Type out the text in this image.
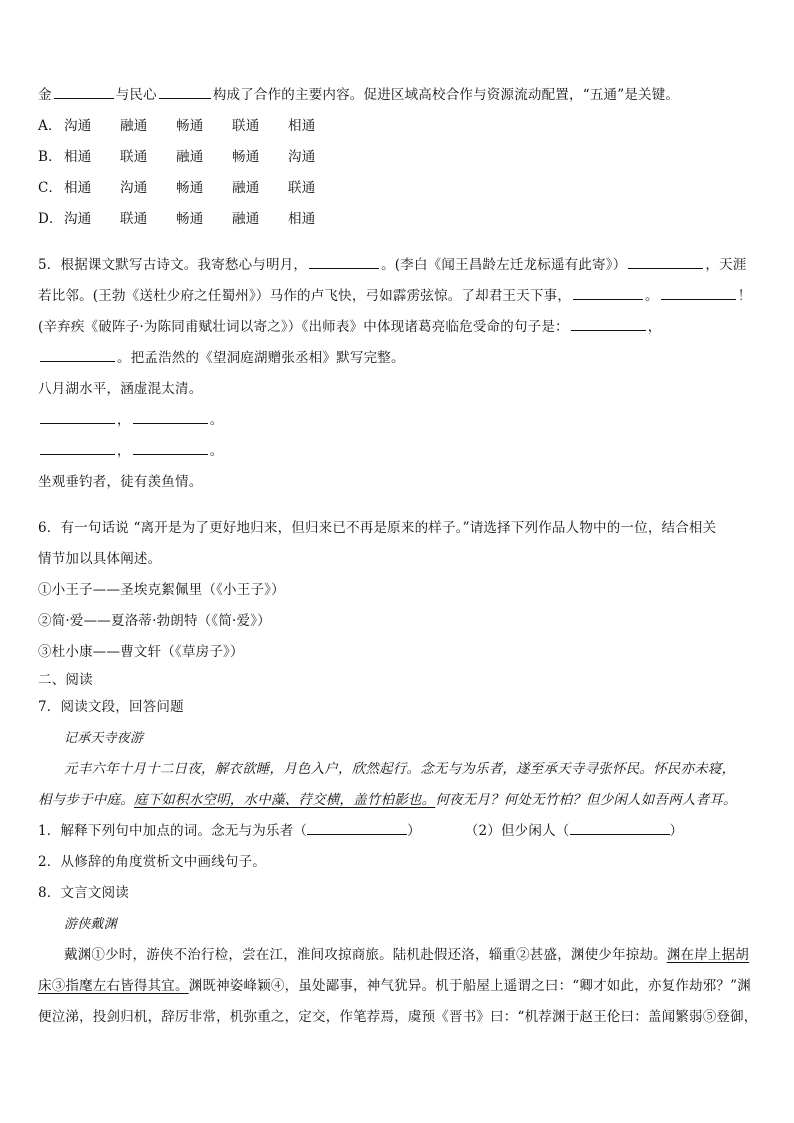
金	与民心	构成了合作的主要内容。促进区域高校合作与资源流动配置，“五通”是关键。
A． 沟通 融通 畅通 联通 相通
B． 相通 联通 融通 畅通 沟通
C． 相通 沟通 畅通 融通 联通
D．沟通 联通 畅通 融通 相通
5．根据课文默写古诗文。我寄愁心与明月，	。(李白《闻王昌龄左迁龙标遥有此寄》）	，天涯
若比邻。(王勃《送杜少府之任蜀州》）马作的卢飞快，弓如霹雳弦惊。了却君王天下事，	。	！
(辛弃疾《破阵子·为陈同甫赋壮词以寄之》）《出师表》中体现诸葛亮临危受命的句子是：	，
。把孟浩然的《望洞庭湖赠张丞相》默写完整。
八月湖水平，涵虚混太清。
，	。
，	。
坐观垂钓者，徒有羡鱼情。
6．有一句话说 “离开是为了更好地归来，但归来已不再是原来的样子。”请选择下列作品人物中的一位，结合相关
情节加以具体阐述。
①小王子——圣埃克絮佩里（《小王子》）
②简·爱——夏洛蒂·勃朗特（《简·爱》）
③杜小康——曹文轩（《草房子》）
二、阅读
7．阅读文段，回答问题
记承天寺夜游
元丰六年十月十二日夜，解衣欲睡，月色入户，欣然起行。念无与为乐者，遂至承天寺寻张怀民。怀民亦未寝，
相与步于中庭。庭下如积水空明，水中藻、荇交横，盖竹柏影也。何夜无月？何处无竹柏？但少闲人如吾两人者耳。
1．解释下列句中加点的词。念无与为乐者（	）	（2）但少闲人（	）
2．从修辞的角度赏析文中画线句子。
8．文言文阅读
游侠戴渊
戴渊①少时，游侠不治行检，尝在江，淮间攻掠商旅。陆机赴假还洛，辎重②甚盛，渊使少年掠劫。渊在岸上据胡
床③指麾左右皆得其宜。渊既神姿峰颖④，虽处鄙事，神气犹异。机于船屋上遥谓之曰：“卿才如此，亦复作劫邪？”渊
便泣涕，投剑归机，辞厉非常，机弥重之，定交，作笔荐焉，虞预《晋书》曰：“机荐渊于赵王伦曰：盖闻繁弱⑤登御，
